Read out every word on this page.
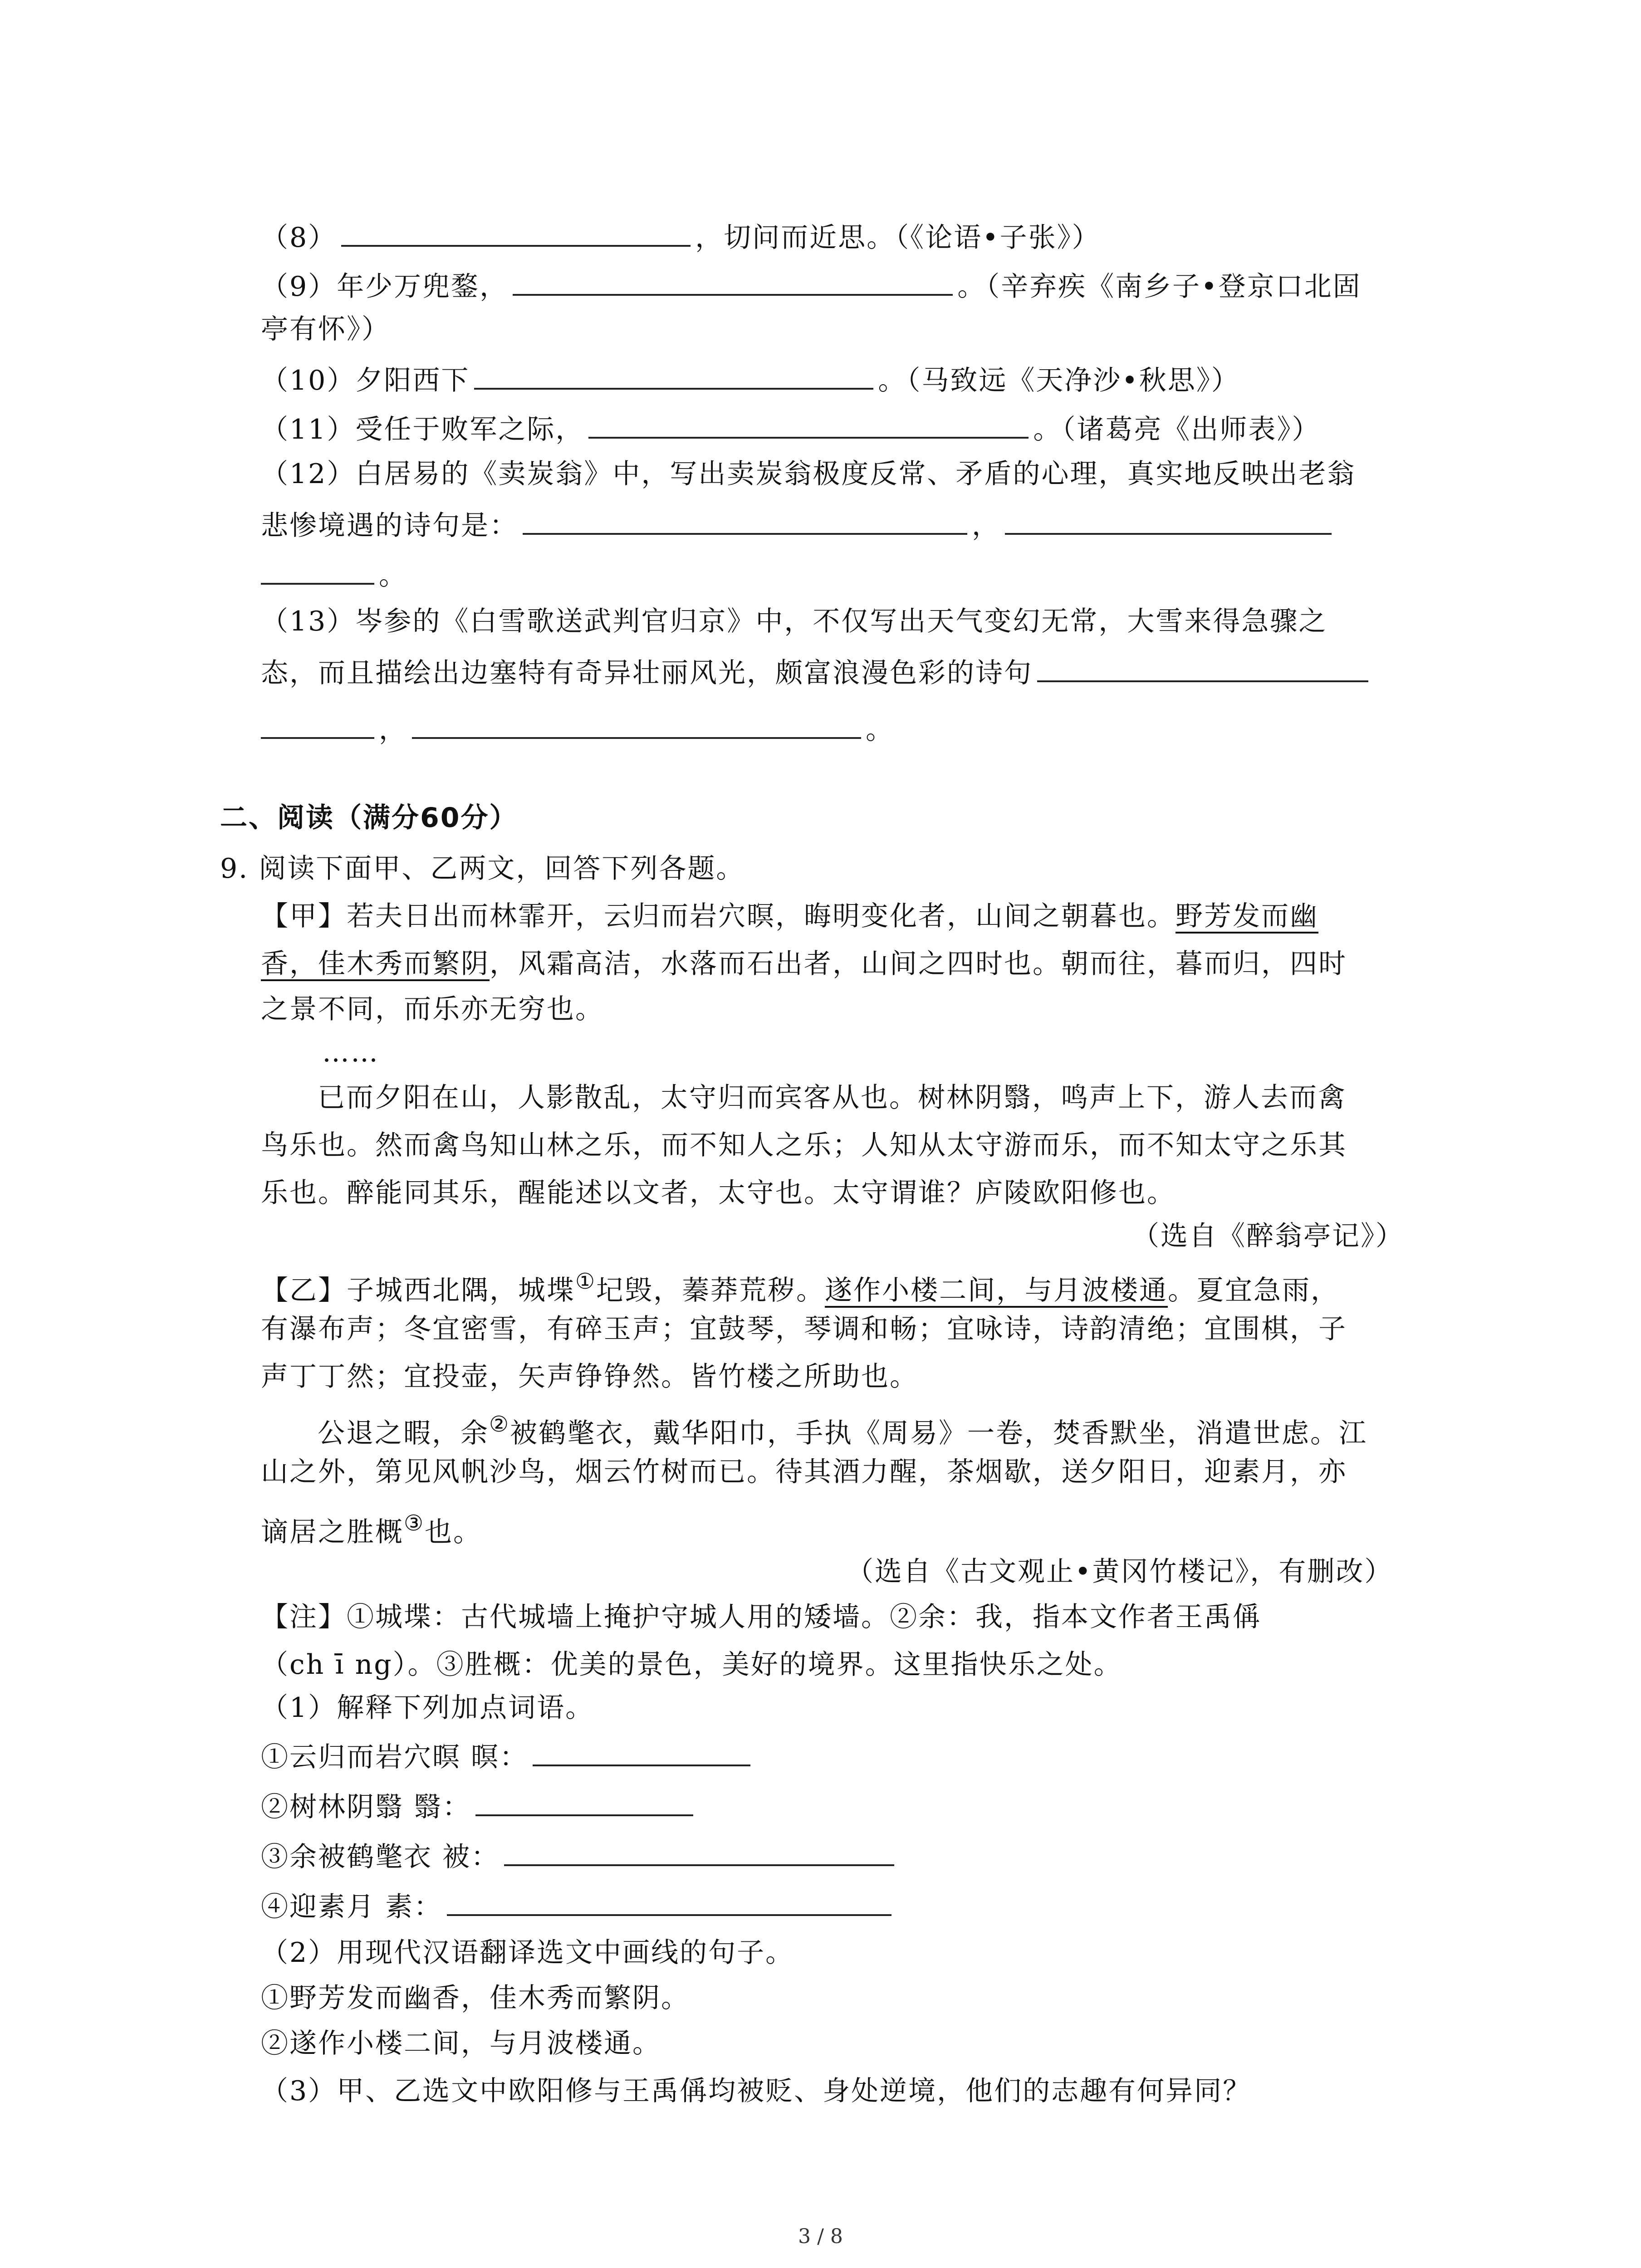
（8）	，切问而近思。（《论语•子张》）
（9）年少万兜鍪，	。（辛弃疾《南乡子•登京口北固
亭有怀》）
（10）夕阳西下	。（马致远《天净沙•秋思》）
（11）受任于败军之际，	。（诸葛亮《出师表》）
（12）白居易的《卖炭翁》中，写出卖炭翁极度反常、矛盾的心理，真实地反映出老翁
悲惨境遇的诗句是：	，
。
（13）岑参的《白雪歌送武判官归京》中，不仅写出天气变幻无常，大雪来得急骤之
态，而且描绘出边塞特有奇异壮丽风光，颇富浪漫色彩的诗句
，	。
二、阅读（满分60分）
9. 阅读下面甲、乙两文，回答下列各题。
【甲】若夫日出而林霏开，云归而岩穴暝，晦明变化者，山间之朝暮也。野芳发而幽
香，佳木秀而繁阴，风霜高洁，水落而石出者，山间之四时也。朝而往，暮而归，四时
之景不同，而乐亦无穷也。
……
已而夕阳在山，人影散乱，太守归而宾客从也。树林阴翳，鸣声上下，游人去而禽
鸟乐也。然而禽鸟知山林之乐，而不知人之乐；人知从太守游而乐，而不知太守之乐其
乐也。醉能同其乐，醒能述以文者，太守也。太守谓谁？庐陵欧阳修也。
（选自《醉翁亭记》）
【乙】子城西北隅，城堞①圮毁，蓁莽荒秽。遂作小楼二间，与月波楼通。夏宜急雨，
有瀑布声；冬宜密雪，有碎玉声；宜鼓琴，琴调和畅；宜咏诗，诗韵清绝；宜围棋，子
声丁丁然；宜投壶，矢声铮铮然。皆竹楼之所助也。
公退之暇，余②被鹤氅衣，戴华阳巾，手执《周易》一卷，焚香默坐，消遣世虑。江
山之外，第见风帆沙鸟，烟云竹树而已。待其酒力醒，茶烟歇，送夕阳日，迎素月，亦
谪居之胜概③也。
（选自《古文观止•黄冈竹楼记》，有删改）
【注】①城堞：古代城墙上掩护守城人用的矮墙。②余：我，指本文作者王禹偁
（ch ī ng）。③胜概：优美的景色，美好的境界。这里指快乐之处。
（1）解释下列加点词语。
①云归而岩穴暝 暝：
②树林阴翳 翳：
③余被鹤氅衣 被：
④迎素月 素：
（2）用现代汉语翻译选文中画线的句子。
①野芳发而幽香，佳木秀而繁阴。
②遂作小楼二间，与月波楼通。
（3）甲、乙选文中欧阳修与王禹偁均被贬、身处逆境，他们的志趣有何异同？
3 / 8
